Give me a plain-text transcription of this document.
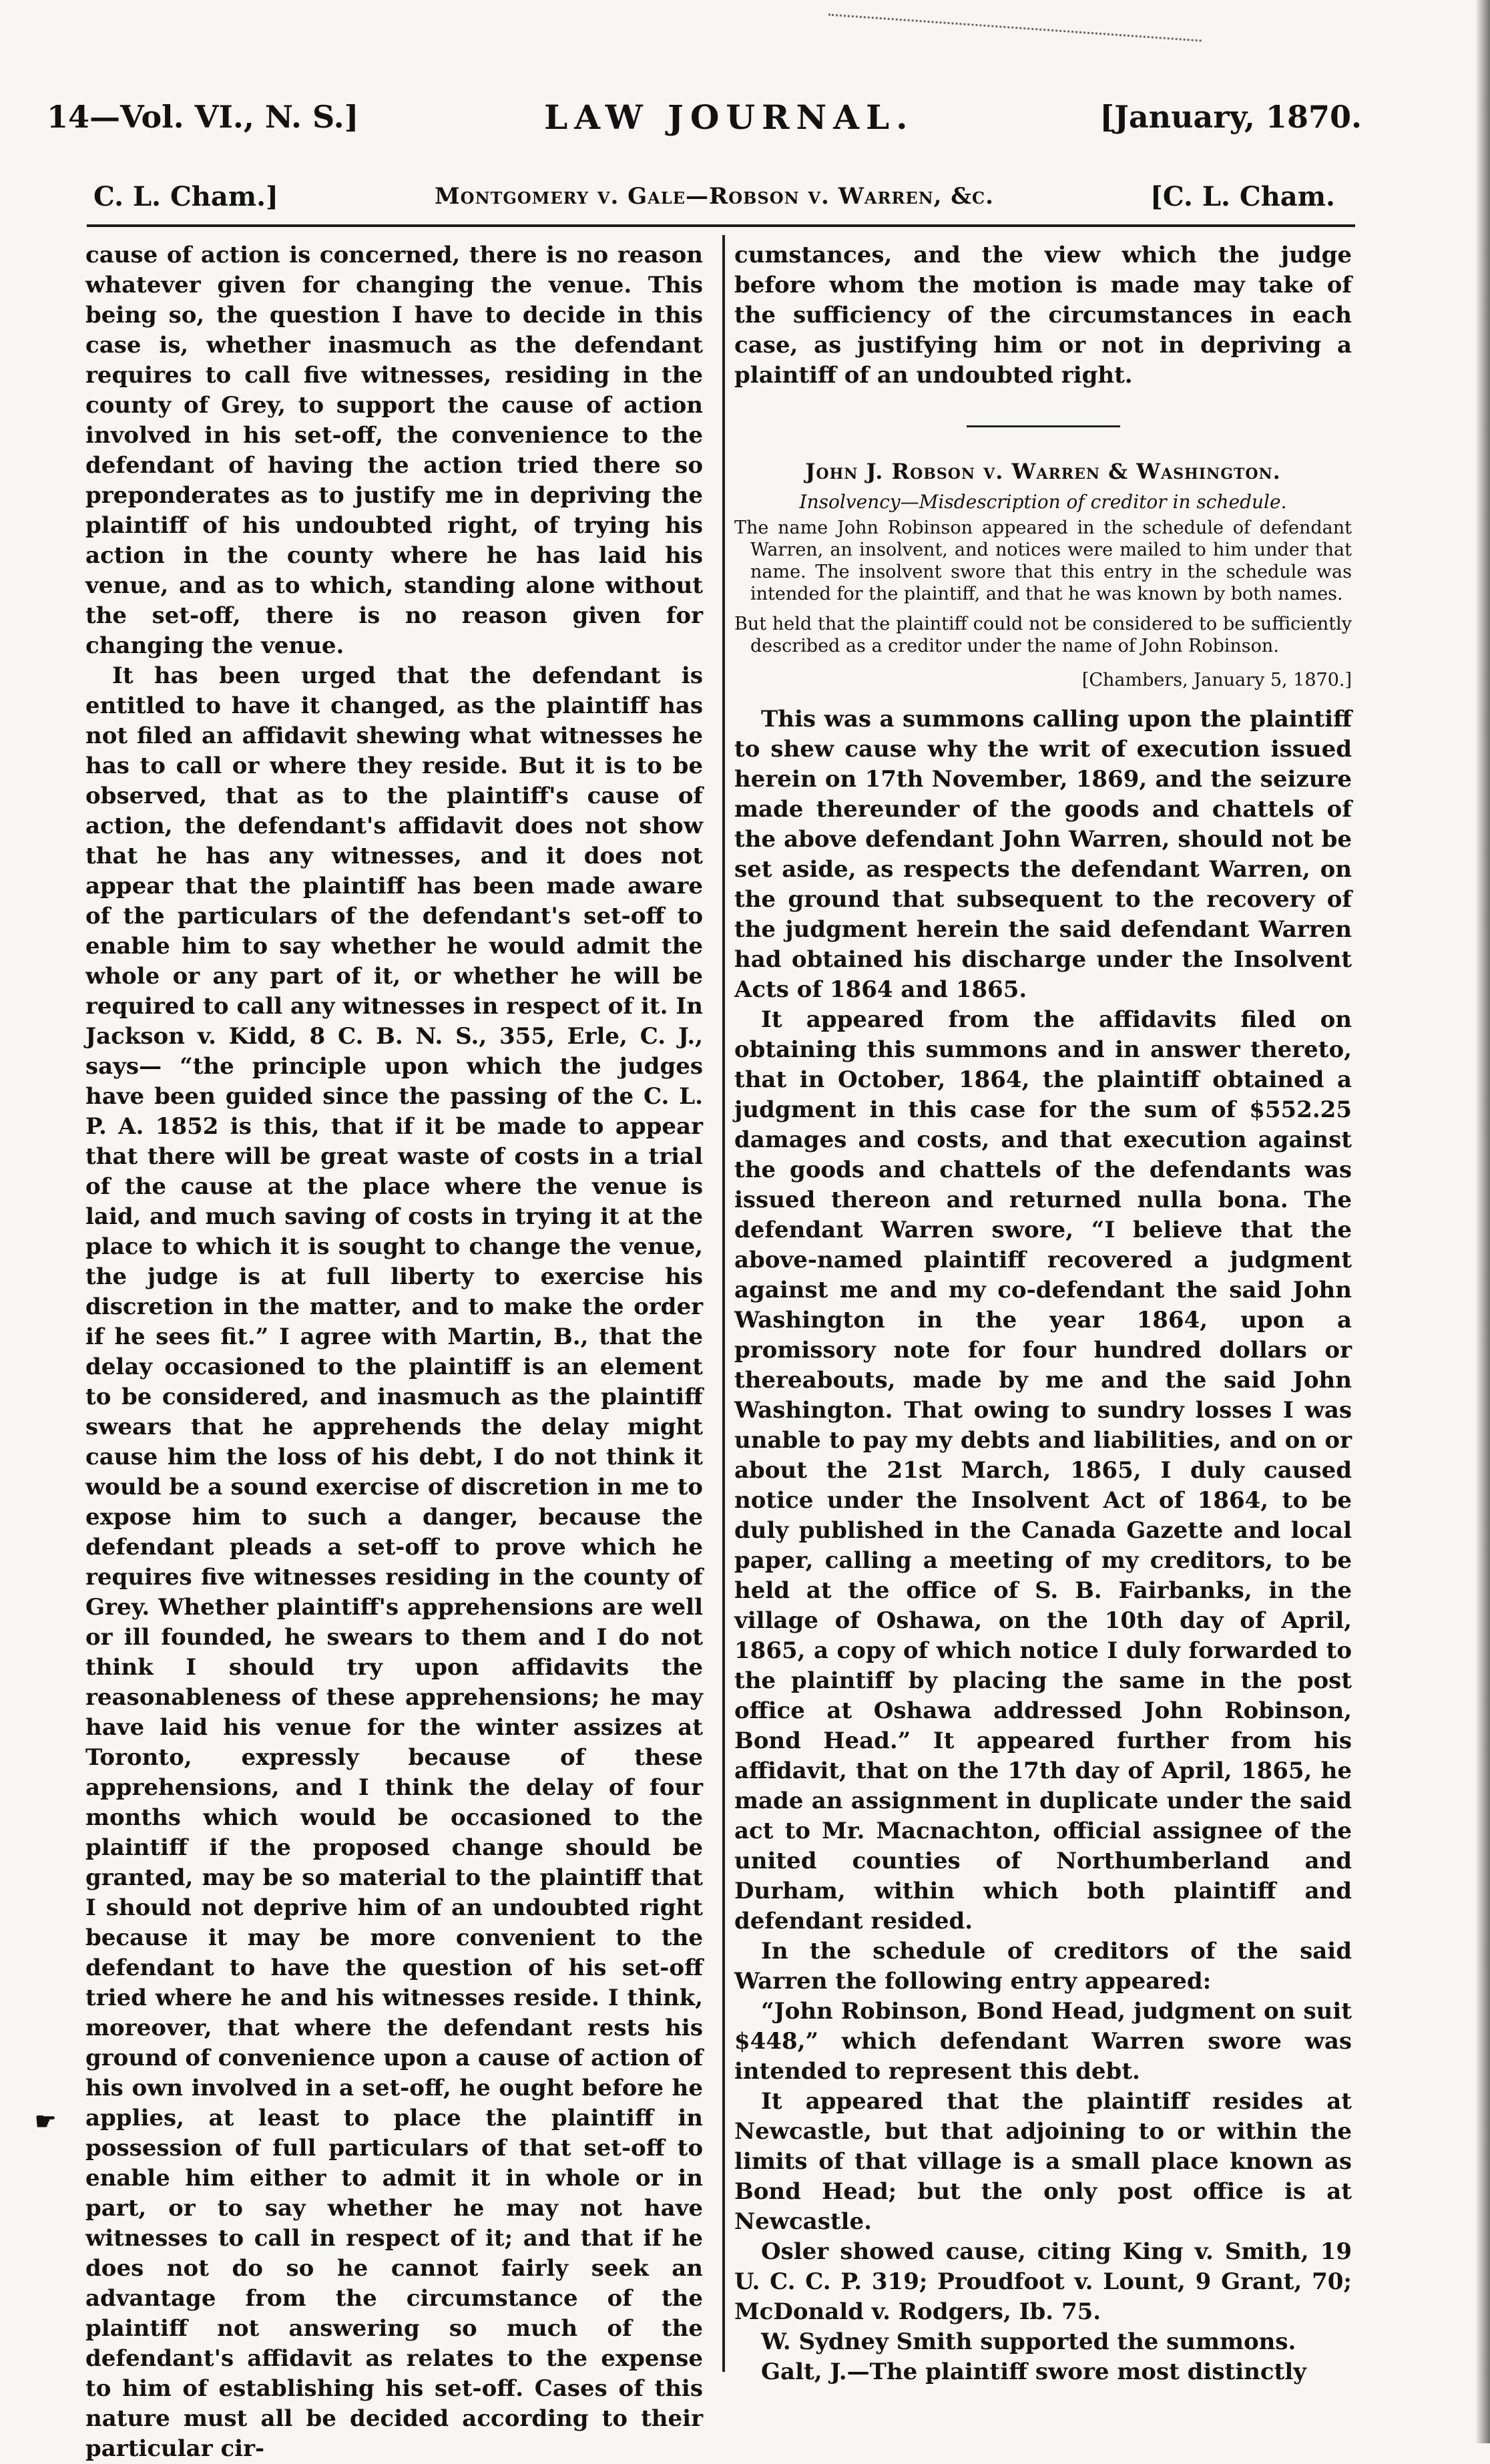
14—Vol. VI., N. S.]	LAW JOURNAL.	[January, 1870.
C. L. Cham.]	Montgomery v. Gale—Robson v. Warren, &c.	[C. L. Cham.

cause of action is concerned, there is no reason whatever given for changing the venue. This being so, the question I have to decide in this case is, whether inasmuch as the defendant requires to call five witnesses, residing in the county of Grey, to support the cause of action involved in his set-off, the convenience to the defendant of having the action tried there so preponderates as to justify me in depriving the plaintiff of his undoubted right, of trying his action in the county where he has laid his venue, and as to which, standing alone without the set-off, there is no reason given for changing the venue.

It has been urged that the defendant is entitled to have it changed, as the plaintiff has not filed an affidavit shewing what witnesses he has to call or where they reside. But it is to be observed, that as to the plaintiff's cause of action, the defendant's affidavit does not show that he has any witnesses, and it does not appear that the plaintiff has been made aware of the particulars of the defendant's set-off to enable him to say whether he would admit the whole or any part of it, or whether he will be required to call any witnesses in respect of it. In Jackson v. Kidd, 8 C. B. N. S., 355, Erle, C. J., says— “the principle upon which the judges have been guided since the passing of the C. L. P. A. 1852 is this, that if it be made to appear that there will be great waste of costs in a trial of the cause at the place where the venue is laid, and much saving of costs in trying it at the place to which it is sought to change the venue, the judge is at full liberty to exercise his discretion in the matter, and to make the order if he sees fit.” I agree with Martin, B., that the delay occasioned to the plaintiff is an element to be considered, and inasmuch as the plaintiff swears that he apprehends the delay might cause him the loss of his debt, I do not think it would be a sound exercise of discretion in me to expose him to such a danger, because the defendant pleads a set-off to prove which he requires five witnesses residing in the county of Grey. Whether plaintiff's apprehensions are well or ill founded, he swears to them and I do not think I should try upon affidavits the reasonableness of these apprehensions; he may have laid his venue for the winter assizes at Toronto, expressly because of these apprehensions, and I think the delay of four months which would be occasioned to the plaintiff if the proposed change should be granted, may be so material to the plaintiff that I should not deprive him of an undoubted right because it may be more convenient to the defendant to have the question of his set-off tried where he and his witnesses reside. I think, moreover, that where the defendant rests his ground of convenience upon a cause of action of his own involved in a set-off, he ought before he applies, at least to place the plaintiff in possession of full particulars of that set-off to enable him either to admit it in whole or in part, or to say whether he may not have witnesses to call in respect of it; and that if he does not do so he cannot fairly seek an advantage from the circumstance of the plaintiff not answering so much of the defendant's affidavit as relates to the expense to him of establishing his set-off. Cases of this nature must all be decided according to their particular cir-

cumstances, and the view which the judge before whom the motion is made may take of the sufficiency of the circumstances in each case, as justifying him or not in depriving a plaintiff of an undoubted right.

John J. Robson v. Warren & Washington.

Insolvency—Misdescription of creditor in schedule.

The name John Robinson appeared in the schedule of defendant Warren, an insolvent, and notices were mailed to him under that name. The insolvent swore that this entry in the schedule was intended for the plaintiff, and that he was known by both names.

But held that the plaintiff could not be considered to be sufficiently described as a creditor under the name of John Robinson.

[Chambers, January 5, 1870.]

This was a summons calling upon the plaintiff to shew cause why the writ of execution issued herein on 17th November, 1869, and the seizure made thereunder of the goods and chattels of the above defendant John Warren, should not be set aside, as respects the defendant Warren, on the ground that subsequent to the recovery of the judgment herein the said defendant Warren had obtained his discharge under the Insolvent Acts of 1864 and 1865.

It appeared from the affidavits filed on obtaining this summons and in answer thereto, that in October, 1864, the plaintiff obtained a judgment in this case for the sum of $552.25 damages and costs, and that execution against the goods and chattels of the defendants was issued thereon and returned nulla bona. The defendant Warren swore, “I believe that the above-named plaintiff recovered a judgment against me and my co-defendant the said John Washington in the year 1864, upon a promissory note for four hundred dollars or thereabouts, made by me and the said John Washington. That owing to sundry losses I was unable to pay my debts and liabilities, and on or about the 21st March, 1865, I duly caused notice under the Insolvent Act of 1864, to be duly published in the Canada Gazette and local paper, calling a meeting of my creditors, to be held at the office of S. B. Fairbanks, in the village of Oshawa, on the 10th day of April, 1865, a copy of which notice I duly forwarded to the plaintiff by placing the same in the post office at Oshawa addressed John Robinson, Bond Head.” It appeared further from his affidavit, that on the 17th day of April, 1865, he made an assignment in duplicate under the said act to Mr. Macnachton, official assignee of the united counties of Northumberland and Durham, within which both plaintiff and defendant resided.

In the schedule of creditors of the said Warren the following entry appeared:

“John Robinson, Bond Head, judgment on suit $448,” which defendant Warren swore was intended to represent this debt.

It appeared that the plaintiff resides at Newcastle, but that adjoining to or within the limits of that village is a small place known as Bond Head; but the only post office is at Newcastle.

Osler showed cause, citing King v. Smith, 19 U. C. C. P. 319; Proudfoot v. Lount, 9 Grant, 70; McDonald v. Rodgers, Ib. 75.

W. Sydney Smith supported the summons.

Galt, J.—The plaintiff swore most distinctly

☛
